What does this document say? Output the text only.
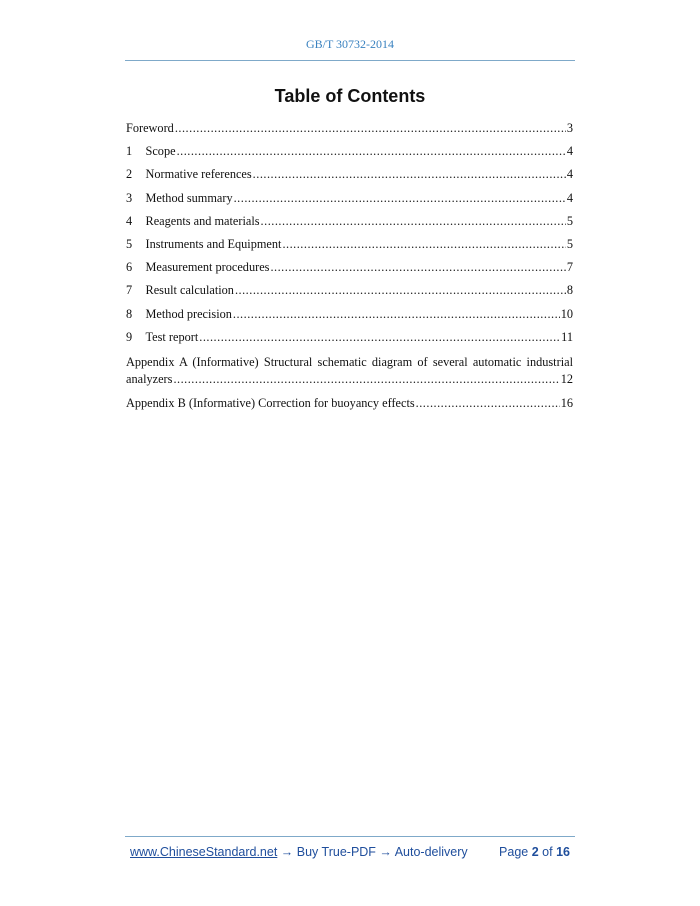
GB/T 30732-2014
Table of Contents
Foreword .....	3
1	Scope .....	4
2	Normative references .....	4
3	Method summary .....	4
4	Reagents and materials .....	5
5	Instruments and Equipment .....	5
6	Measurement procedures .....	7
7	Result calculation .....	8
8	Method precision .....	10
9	Test report .....	11
Appendix A (Informative) Structural schematic diagram of several automatic industrial
analyzers .....	12
Appendix B (Informative) Correction for buoyancy effects .....	16
www.ChineseStandard.net → Buy True-PDF → Auto-delivery	Page 2 of 16
